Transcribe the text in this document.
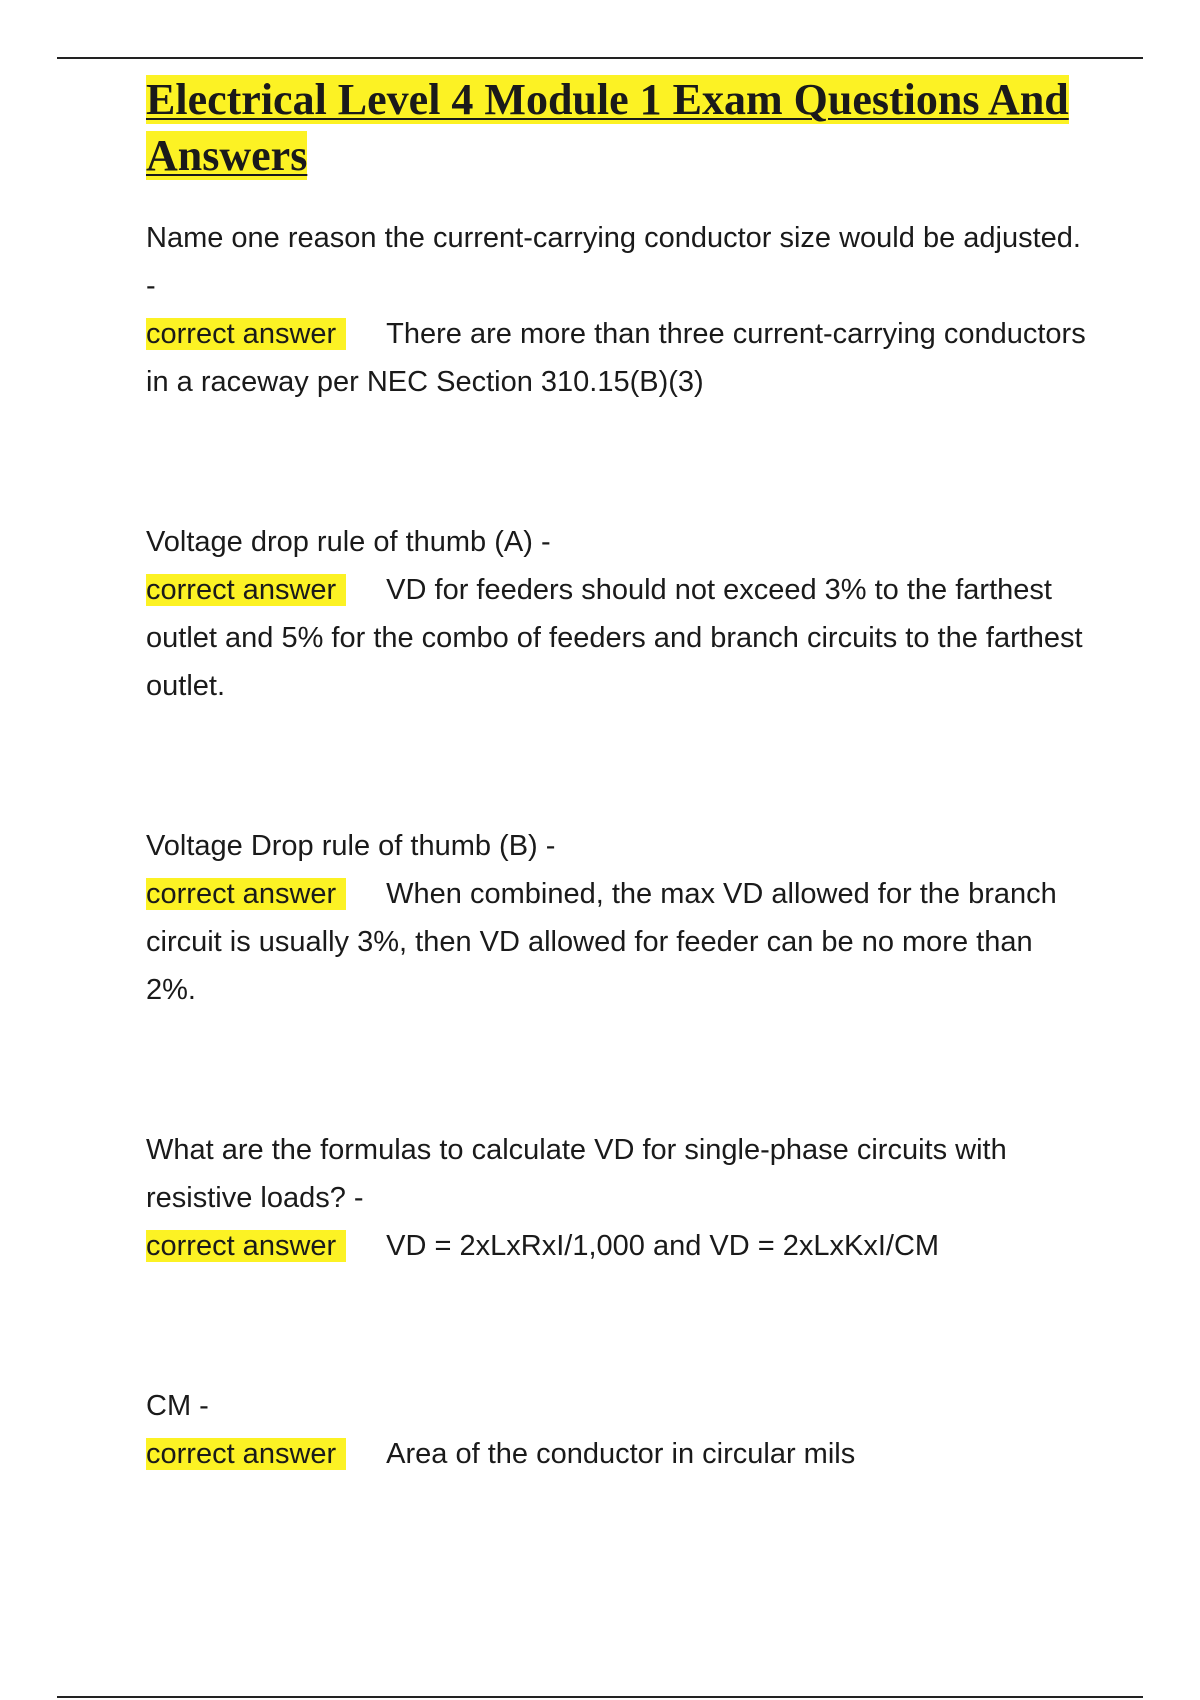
Electrical Level 4 Module 1 Exam Questions And Answers

Name one reason the current-carrying conductor size would be adjusted. -

correct answer There are more than three current-carrying conductors in a raceway per NEC Section 310.15(B)(3)

Voltage drop rule of thumb (A) -

correct answer VD for feeders should not exceed 3% to the farthest outlet and 5% for the combo of feeders and branch circuits to the farthest outlet.

Voltage Drop rule of thumb (B) -

correct answer When combined, the max VD allowed for the branch circuit is usually 3%, then VD allowed for feeder can be no more than 2%.

What are the formulas to calculate VD for single-phase circuits with resistive loads? -

correct answer VD = 2xLxRxI/1,000 and VD = 2xLxKxI/CM

CM -

correct answer Area of the conductor in circular mils
